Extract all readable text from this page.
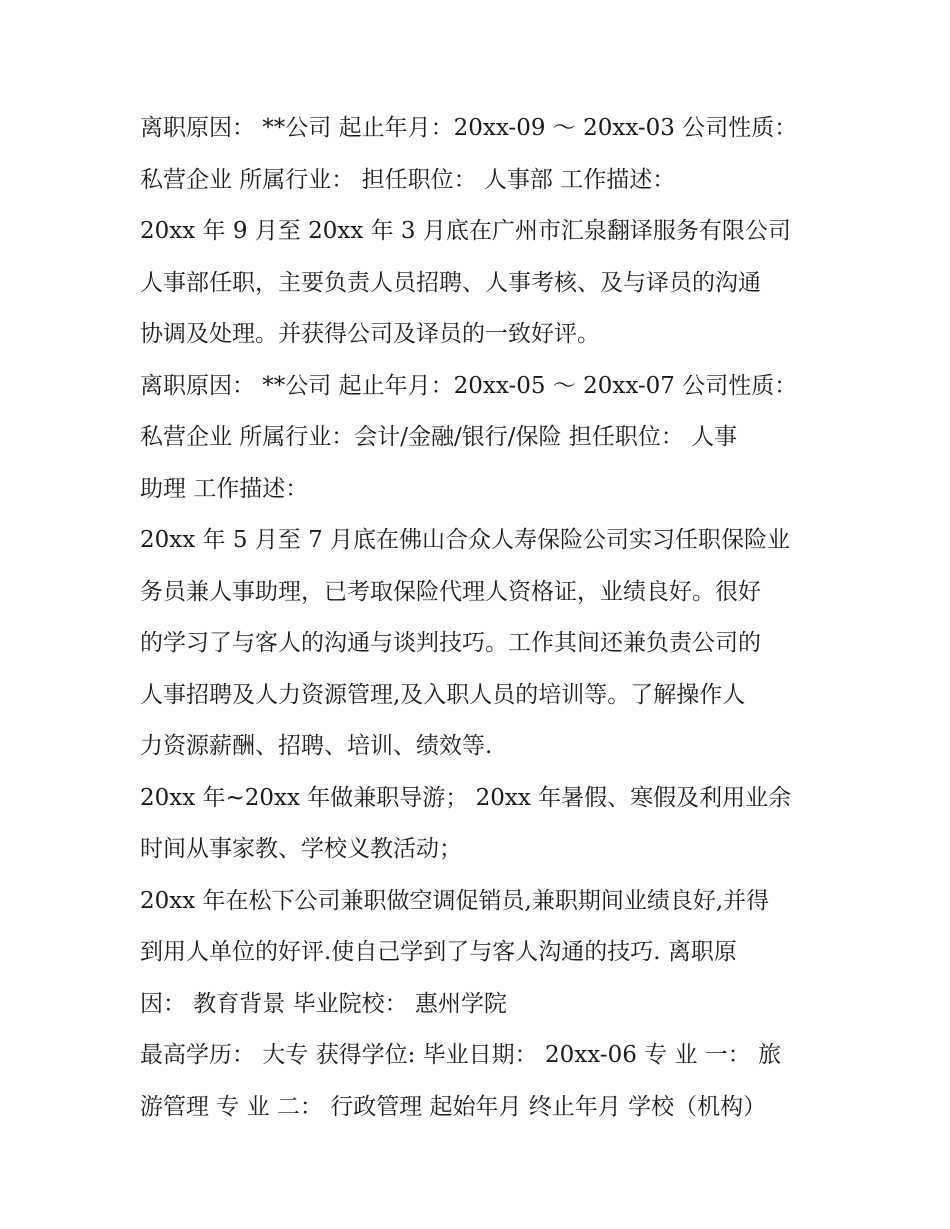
离职原因： **公司 起止年月：20xx-09 ～ 20xx-03 公司性质：
私营企业 所属行业： 担任职位： 人事部 工作描述：
20xx 年 9 月至 20xx 年 3 月底在广州市汇泉翻译服务有限公司
人事部任职，主要负责人员招聘、人事考核、及与译员的沟通
协调及处理。并获得公司及译员的一致好评。
离职原因： **公司 起止年月：20xx-05 ～ 20xx-07 公司性质：
私营企业 所属行业：会计/金融/银行/保险 担任职位： 人事
助理 工作描述：
20xx 年 5 月至 7 月底在佛山合众人寿保险公司实习任职保险业
务员兼人事助理，已考取保险代理人资格证，业绩良好。很好
的学习了与客人的沟通与谈判技巧。工作其间还兼负责公司的
人事招聘及人力资源管理,及入职人员的培训等。了解操作人
力资源薪酬、招聘、培训、绩效等.
20xx 年~20xx 年做兼职导游； 20xx 年暑假、寒假及利用业余
时间从事家教、学校义教活动；
20xx 年在松下公司兼职做空调促销员,兼职期间业绩良好,并得
到用人单位的好评.使自己学到了与客人沟通的技巧. 离职原
因： 教育背景 毕业院校： 惠州学院
最高学历： 大专 获得学位: 毕业日期： 20xx-06 专 业 一： 旅
游管理 专 业 二： 行政管理 起始年月 终止年月 学校（机构）
